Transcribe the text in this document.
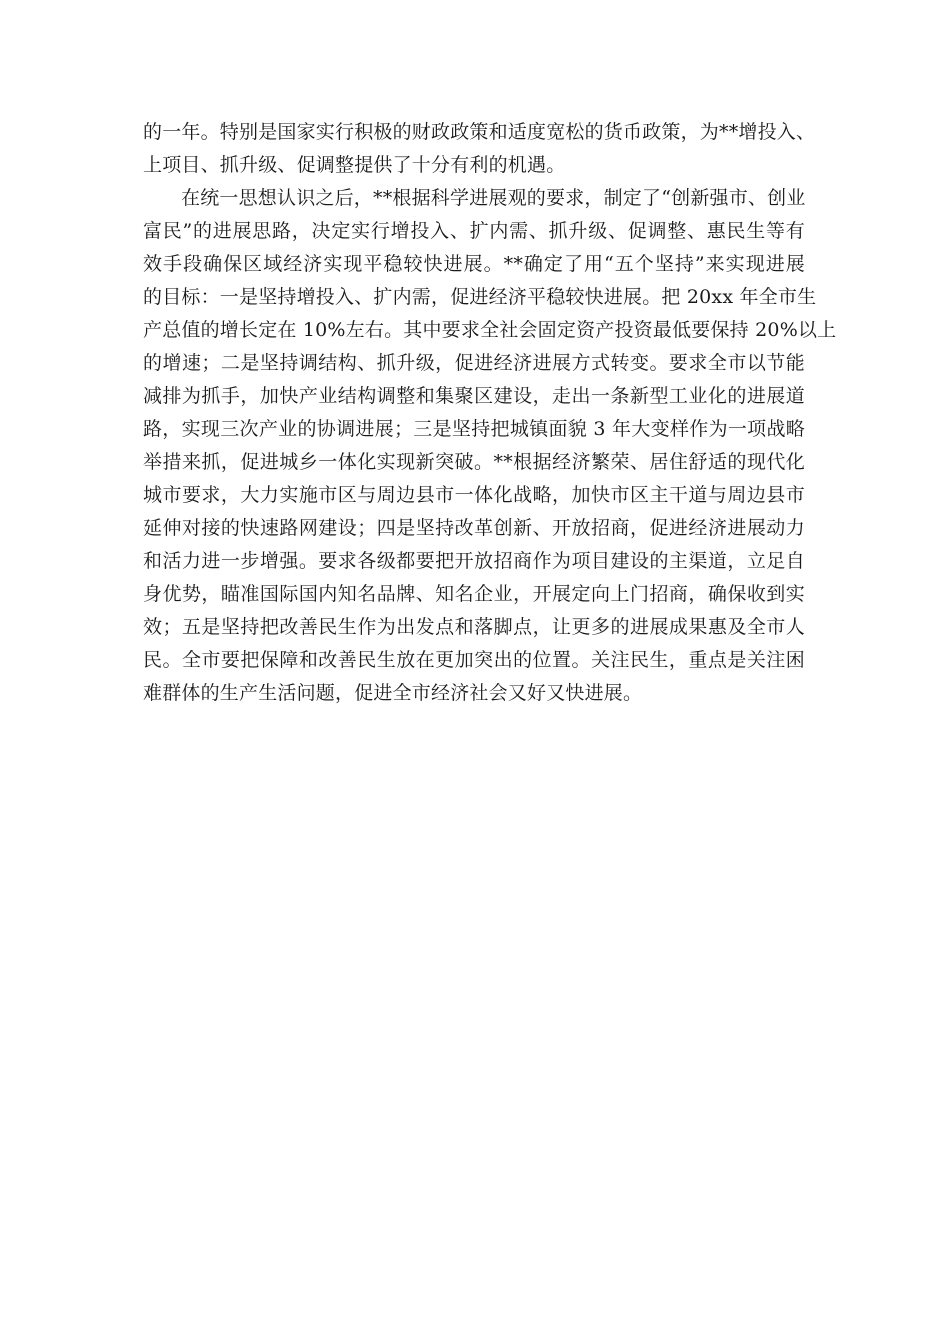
的一年。特别是国家实行积极的财政政策和适度宽松的货币政策，为**增投入、
上项目、抓升级、促调整提供了十分有利的机遇。
在统一思想认识之后，**根据科学进展观的要求，制定了“创新强市、创业
富民”的进展思路，决定实行增投入、扩内需、抓升级、促调整、惠民生等有
效手段确保区域经济实现平稳较快进展。**确定了用“五个坚持”来实现进展
的目标：一是坚持增投入、扩内需，促进经济平稳较快进展。把 20xx 年全市生
产总值的增长定在 10%左右。其中要求全社会固定资产投资最低要保持 20%以上
的增速；二是坚持调结构、抓升级，促进经济进展方式转变。要求全市以节能
减排为抓手，加快产业结构调整和集聚区建设，走出一条新型工业化的进展道
路，实现三次产业的协调进展；三是坚持把城镇面貌 3 年大变样作为一项战略
举措来抓，促进城乡一体化实现新突破。**根据经济繁荣、居住舒适的现代化
城市要求，大力实施市区与周边县市一体化战略，加快市区主干道与周边县市
延伸对接的快速路网建设；四是坚持改革创新、开放招商，促进经济进展动力
和活力进一步增强。要求各级都要把开放招商作为项目建设的主渠道，立足自
身优势，瞄准国际国内知名品牌、知名企业，开展定向上门招商，确保收到实
效；五是坚持把改善民生作为出发点和落脚点，让更多的进展成果惠及全市人
民。全市要把保障和改善民生放在更加突出的位置。关注民生，重点是关注困
难群体的生产生活问题，促进全市经济社会又好又快进展。
